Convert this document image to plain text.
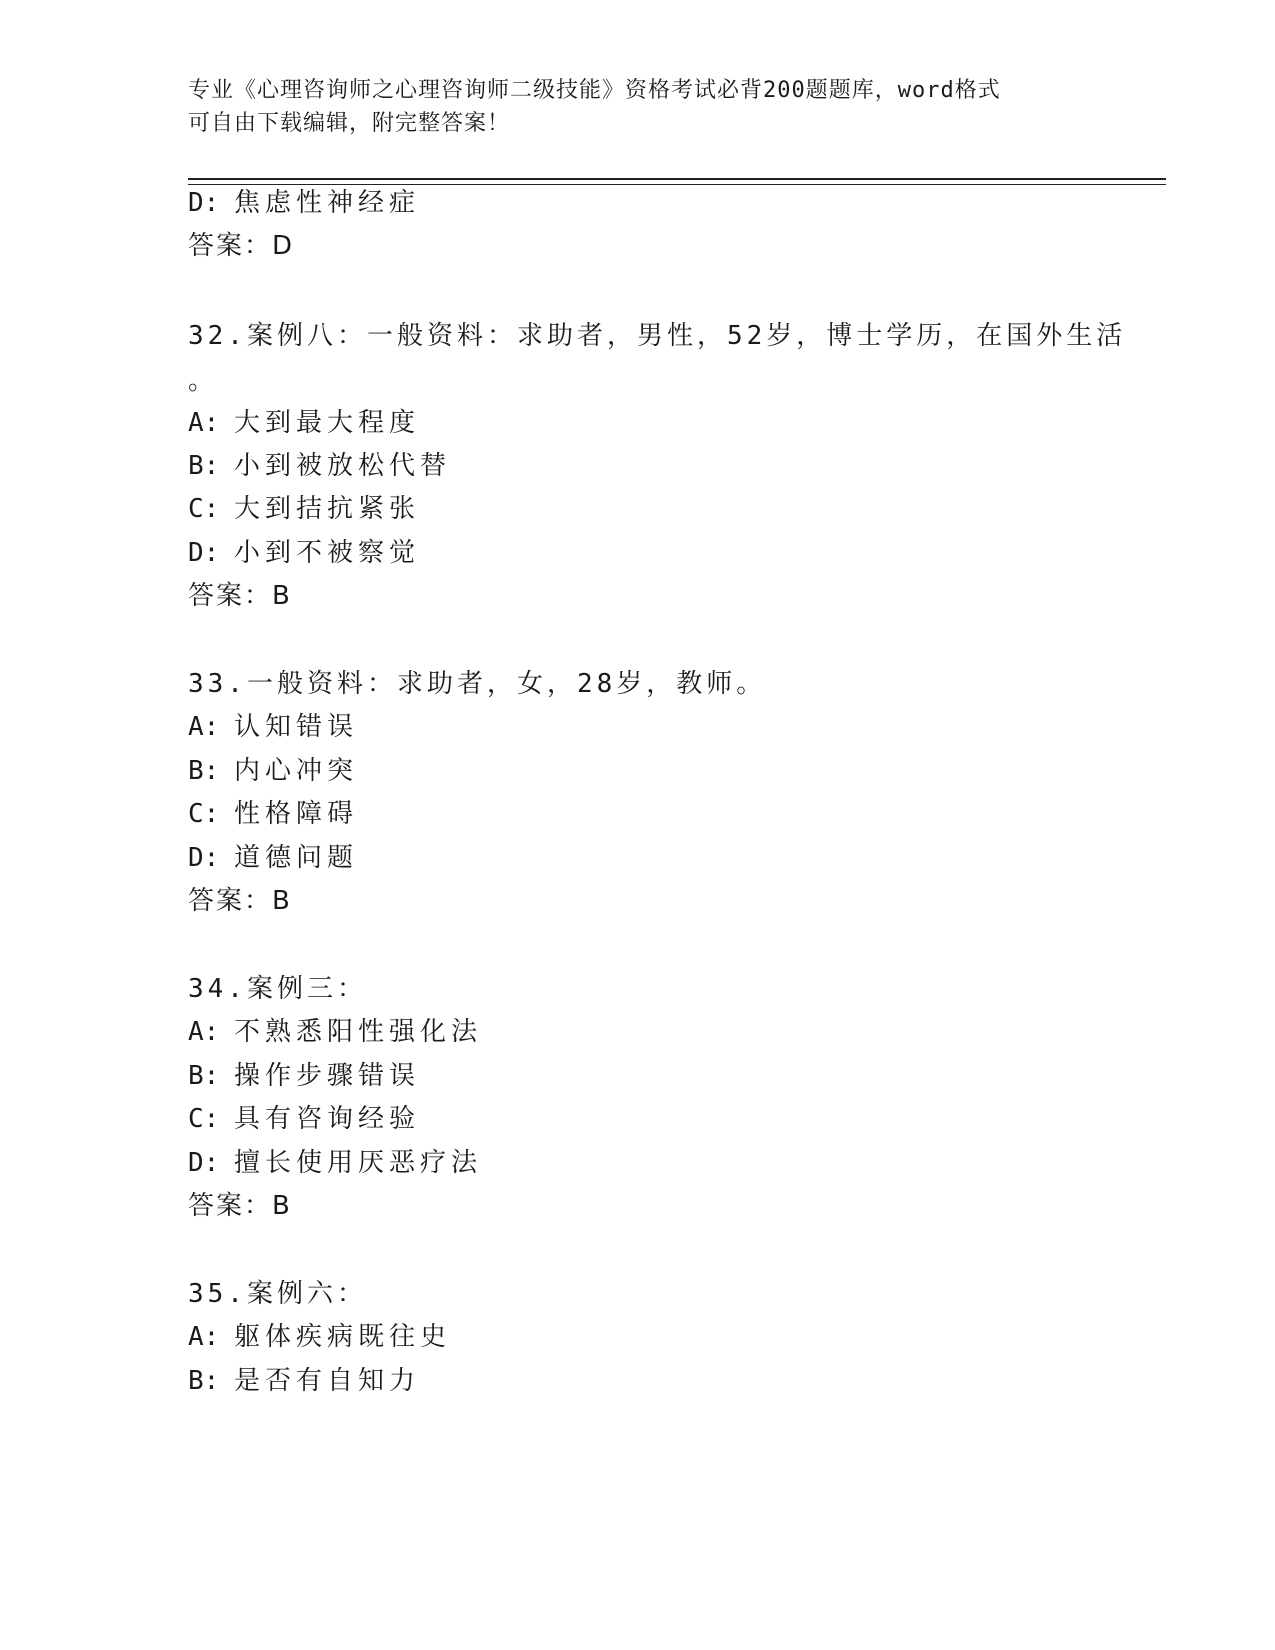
专业《心理咨询师之心理咨询师二级技能》资格考试必背200题题库，word格式
可自由下载编辑，附完整答案！
D: 焦虑性神经症
答案：D
32.案例八：一般资料：求助者，男性，52岁，博士学历，在国外生活
。
A: 大到最大程度
B: 小到被放松代替
C: 大到拮抗紧张
D: 小到不被察觉
答案：B
33.一般资料：求助者，女，28岁，教师。
A: 认知错误
B: 内心冲突
C: 性格障碍
D: 道德问题
答案：B
34.案例三：
A: 不熟悉阳性强化法
B: 操作步骤错误
C: 具有咨询经验
D: 擅长使用厌恶疗法
答案：B
35.案例六：
A: 躯体疾病既往史
B: 是否有自知力
